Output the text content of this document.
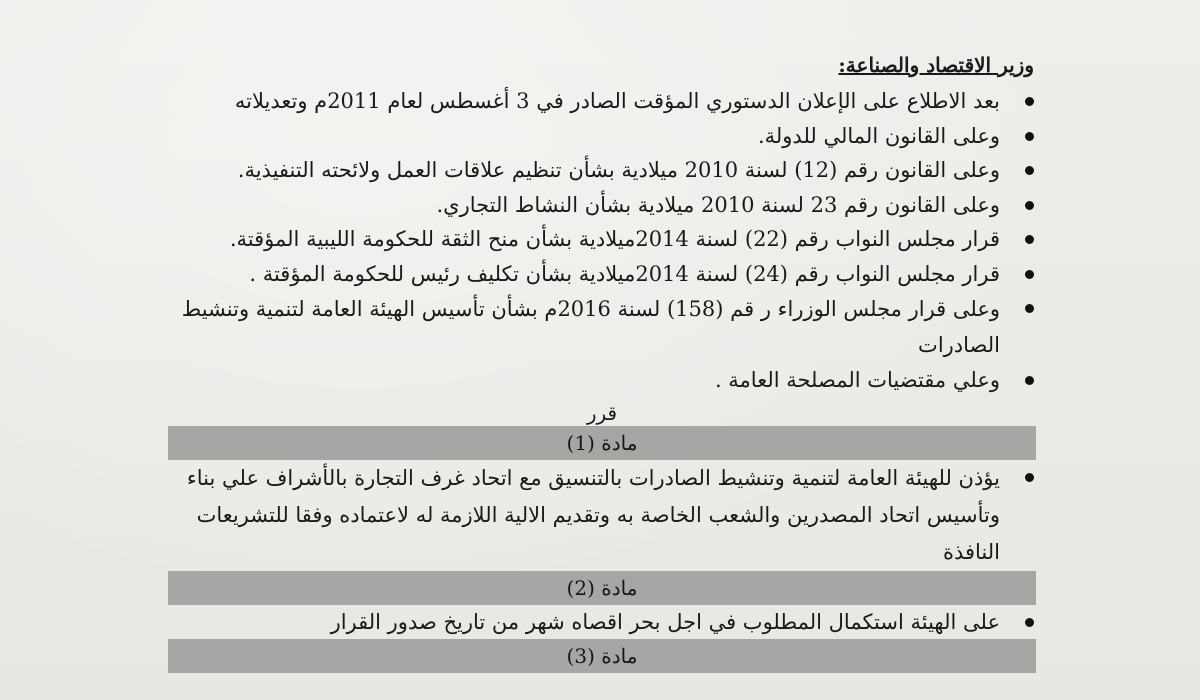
وزير الاقتصاد والصناعة:
بعد الاطلاع على الإعلان الدستوري المؤقت الصادر في 3 أغسطس لعام 2011م وتعديلاته
وعلى القانون المالي للدولة.
وعلى القانون رقم (12) لسنة 2010 ميلادية بشأن تنظيم علاقات العمل ولائحته التنفيذية.
وعلى القانون رقم 23 لسنة 2010 ميلادية بشأن النشاط التجاري.
قرار مجلس النواب رقم (22) لسنة 2014ميلادية بشأن منح الثقة للحكومة الليبية المؤقتة.
قرار مجلس النواب رقم (24) لسنة 2014ميلادية بشأن تكليف رئيس للحكومة المؤقتة .
وعلى قرار مجلس الوزراء ر قم (158) لسنة 2016م بشأن تأسيس الهيئة العامة لتنمية وتنشيط الصادرات
وعلي مقتضيات المصلحة العامة .
قرر
مادة (1)
يؤذن للهيئة العامة لتنمية وتنشيط الصادرات بالتنسيق مع اتحاد غرف التجارة بالأشراف علي بناء وتأسيس اتحاد المصدرين والشعب الخاصة به وتقديم الالية اللازمة له لاعتماده وفقا للتشريعات النافذة
مادة (2)
على الهيئة استكمال المطلوب في اجل بحر اقصاه شهر من تاريخ صدور القرار
مادة (3)
